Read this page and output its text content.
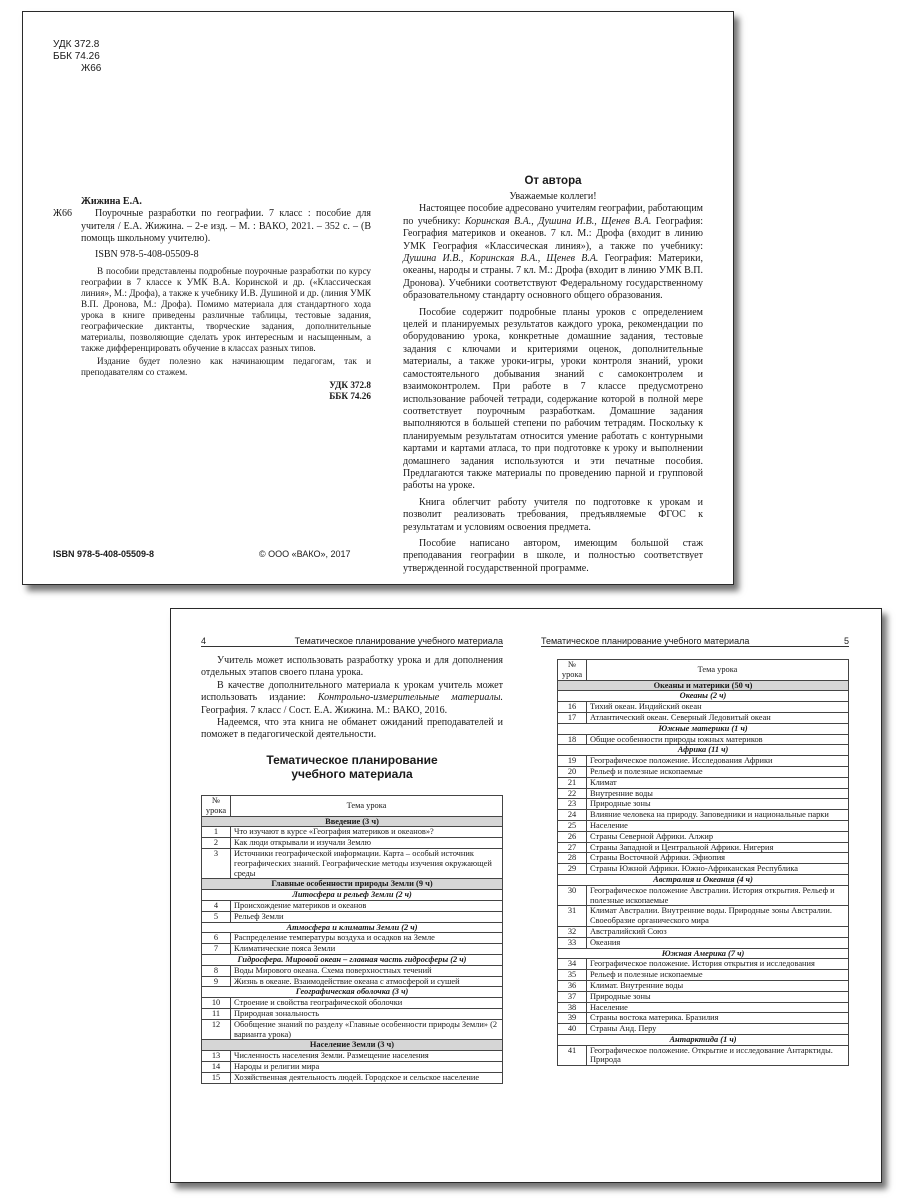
УДК 372.8
ББК 74.26
Ж66
Жижина Е.А.
Ж66	Поурочные разработки по географии. 7 класс : пособие для учителя / Е.А. Жижина. – 2-е изд. – М. : ВАКО, 2021. – 352 с. – (В помощь школьному учителю).

ISBN 978-5-408-05509-8

В пособии представлены подробные поурочные разработки по курсу географии в 7 классе к УМК В.А. Коринской и др. («Классическая линия», М.: Дрофа), а также к учебнику И.В. Душиной и др. (линия УМК В.П. Дронова, М.: Дрофа). Помимо материала для стандартного хода урока в книге приведены различные таблицы, тестовые задания, географические диктанты, творческие задания, дополнительные материалы, позволяющие сделать урок интересным и насыщенным, а также дифференцировать обучение в классах разных типов.

Издание будет полезно как начинающим педагогам, так и преподавателям со стажем.

УДК 372.8
ББК 74.26
ISBN 978-5-408-05509-8	© ООО «ВАКО», 2017
От автора
Уважаемые коллеги!

Настоящее пособие адресовано учителям географии, работающим по учебнику: Коринская В.А., Душина И.В., Щенев В.А. География: География материков и океанов. 7 кл. М.: Дрофа (входит в линию УМК География «Классическая линия»), а также по учебнику: Душина И.В., Коринская В.А., Щенев В.А. География: Материки, океаны, народы и страны. 7 кл. М.: Дрофа (входит в линию УМК В.П. Дронова). Учебники соответствуют Федеральному государственному образовательному стандарту основного общего образования.

Пособие содержит подробные планы уроков с определением целей и планируемых результатов каждого урока, рекомендации по оборудованию урока, конкретные домашние задания, тестовые задания с ключами и критериями оценок, дополнительные материалы, а также уроки-игры, уроки контроля знаний, уроки самостоятельного добывания знаний с самоконтролем и взаимоконтролем. При работе в 7 классе предусмотрено использование рабочей тетради, содержание которой в полной мере соответствует поурочным разработкам. Домашние задания выполняются в большей степени по рабочим тетрадям. Поскольку к планируемым результатам относится умение работать с контурными картами и картами атласа, то при подготовке к уроку и выполнении домашнего задания используются и эти печатные пособия. Предлагаются также материалы по проведению парной и групповой работы на уроке.

Книга облегчит работу учителя по подготовке к урокам и позволит реализовать требования, предъявляемые ФГОС к результатам и условиям освоения предмета.

Пособие написано автором, имеющим большой стаж преподавания географии в школе, и полностью соответствует утвержденной государственной программе.

4	Тематическое планирование учебного материала

Учитель может использовать разработку урока и для дополнения отдельных этапов своего плана урока.

В качестве дополнительного материала к урокам учитель может использовать издание: Контрольно-измерительные материалы. География. 7 класс / Сост. Е.А. Жижина. М.: ВАКО, 2016.

Надеемся, что эта книга не обманет ожиданий преподавателей и поможет в педагогической деятельности.

Тематическое планирование
учебного материала
№ урока	Тема урока
Введение (3 ч)	
1	Что изучают в курсе «География материков и океанов»?
2	Как люди открывали и изучали Землю
3	Источники географической информации. Карта – особый источник географических знаний. Географические методы изучения окружающей среды
Главные особенности природы Земли (9 ч)	
Литосфера и рельеф Земли (2 ч)	
4	Происхождение материков и океанов
5	Рельеф Земли
Атмосфера и климаты Земли (2 ч)	
6	Распределение температуры воздуха и осадков на Земле
7	Климатические пояса Земли
Гидросфера. Мировой океан – главная часть гидросферы (2 ч)	
8	Воды Мирового океана. Схема поверхностных течений
9	Жизнь в океане. Взаимодействие океана с атмосферой и сушей
Географическая оболочка (3 ч)	
10	Строение и свойства географической оболочки
11	Природная зональность
12	Обобщение знаний по разделу «Главные особенности природы Земли» (2 варианта урока)
Население Земли (3 ч)	
13	Численность населения Земли. Размещение населения
14	Народы и религии мира
15	Хозяйственная деятельность людей. Городское и сельское население
Тематическое планирование учебного материала	5
№ урока	Тема урока
Океаны и материки (50 ч)	
Океаны (2 ч)	
16	Тихий океан. Индийский океан
17	Атлантический океан. Северный Ледовитый океан
Южные материки (1 ч)	
18	Общие особенности природы южных материков
Африка (11 ч)	
19	Географическое положение. Исследования Африки
20	Рельеф и полезные ископаемые
21	Климат
22	Внутренние воды
23	Природные зоны
24	Влияние человека на природу. Заповедники и национальные парки
25	Население
26	Страны Северной Африки. Алжир
27	Страны Западной и Центральной Африки. Нигерия
28	Страны Восточной Африки. Эфиопия
29	Страны Южной Африки. Южно-Африканская Республика
Австралия и Океания (4 ч)	
30	Географическое положение Австралии. История открытия. Рельеф и полезные ископаемые
31	Климат Австралии. Внутренние воды. Природные зоны Австралии. Своеобразие органического мира
32	Австралийский Союз
33	Океания
Южная Америка (7 ч)	
34	Географическое положение. История открытия и исследования
35	Рельеф и полезные ископаемые
36	Климат. Внутренние воды
37	Природные зоны
38	Население
39	Страны востока материка. Бразилия
40	Страны Анд. Перу
Антарктида (1 ч)	
41	Географическое положение. Открытие и исследование Антарктиды. Природа
